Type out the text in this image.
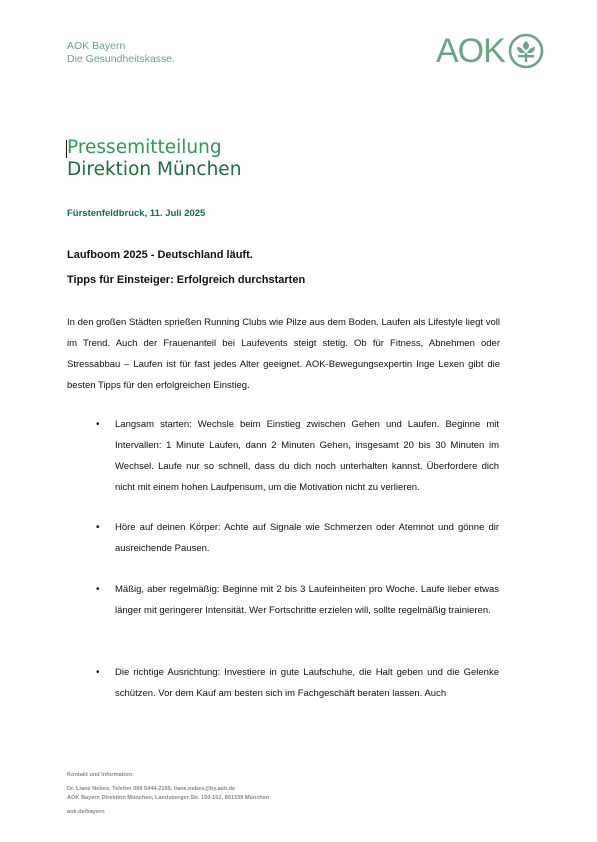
AOK Bayern
Die Gesundheitskasse.	AOK
Pressemitteilung
Direktion München
Fürstenfeldbruck, 11. Juli 2025
Laufboom 2025 - Deutschland läuft.
Tipps für Einsteiger: Erfolgreich durchstarten
In den großen Städten sprießen Running Clubs wie Pilze aus dem Boden. Laufen als Lifestyle liegt voll im Trend. Auch der Frauenanteil bei Laufevents steigt stetig. Ob für Fitness, Abnehmen oder Stressabbau – Laufen ist für fast jedes Alter geeignet. AOK-Bewegungsexpertin Inge Lexen gibt die besten Tipps für den erfolgreichen Einstieg.
•	Langsam starten: Wechsle beim Einstieg zwischen Gehen und Laufen. Beginne mit Intervallen: 1 Minute Laufen, dann 2 Minuten Gehen, insgesamt 20 bis 30 Minuten im Wechsel. Laufe nur so schnell, dass du dich noch unterhalten kannst. Überfordere dich nicht mit einem hohen Laufpensum, um die Motivation nicht zu verlieren.
•	Höre auf deinen Körper: Achte auf Signale wie Schmerzen oder Atemnot und gönne dir ausreichende Pausen.
•	Mäßig, aber regelmäßig: Beginne mit 2 bis 3 Laufeinheiten pro Woche. Laufe lieber etwas länger mit geringerer Intensität. Wer Fortschritte erzielen will, sollte regelmäßig trainieren.
•	Die richtige Ausrichtung: Investiere in gute Laufschuhe, die Halt geben und die Gelenke schützen. Vor dem Kauf am besten sich im Fachgeschäft beraten lassen. Auch
Kontakt und Information:
Dr. Liane Nebes, Telefon 089 5444-2195, liane.nebes@by.aok.de
AOK Bayern Direktion München, Landsberger Str. 150-152, 801339 München
aok.de/bayern
